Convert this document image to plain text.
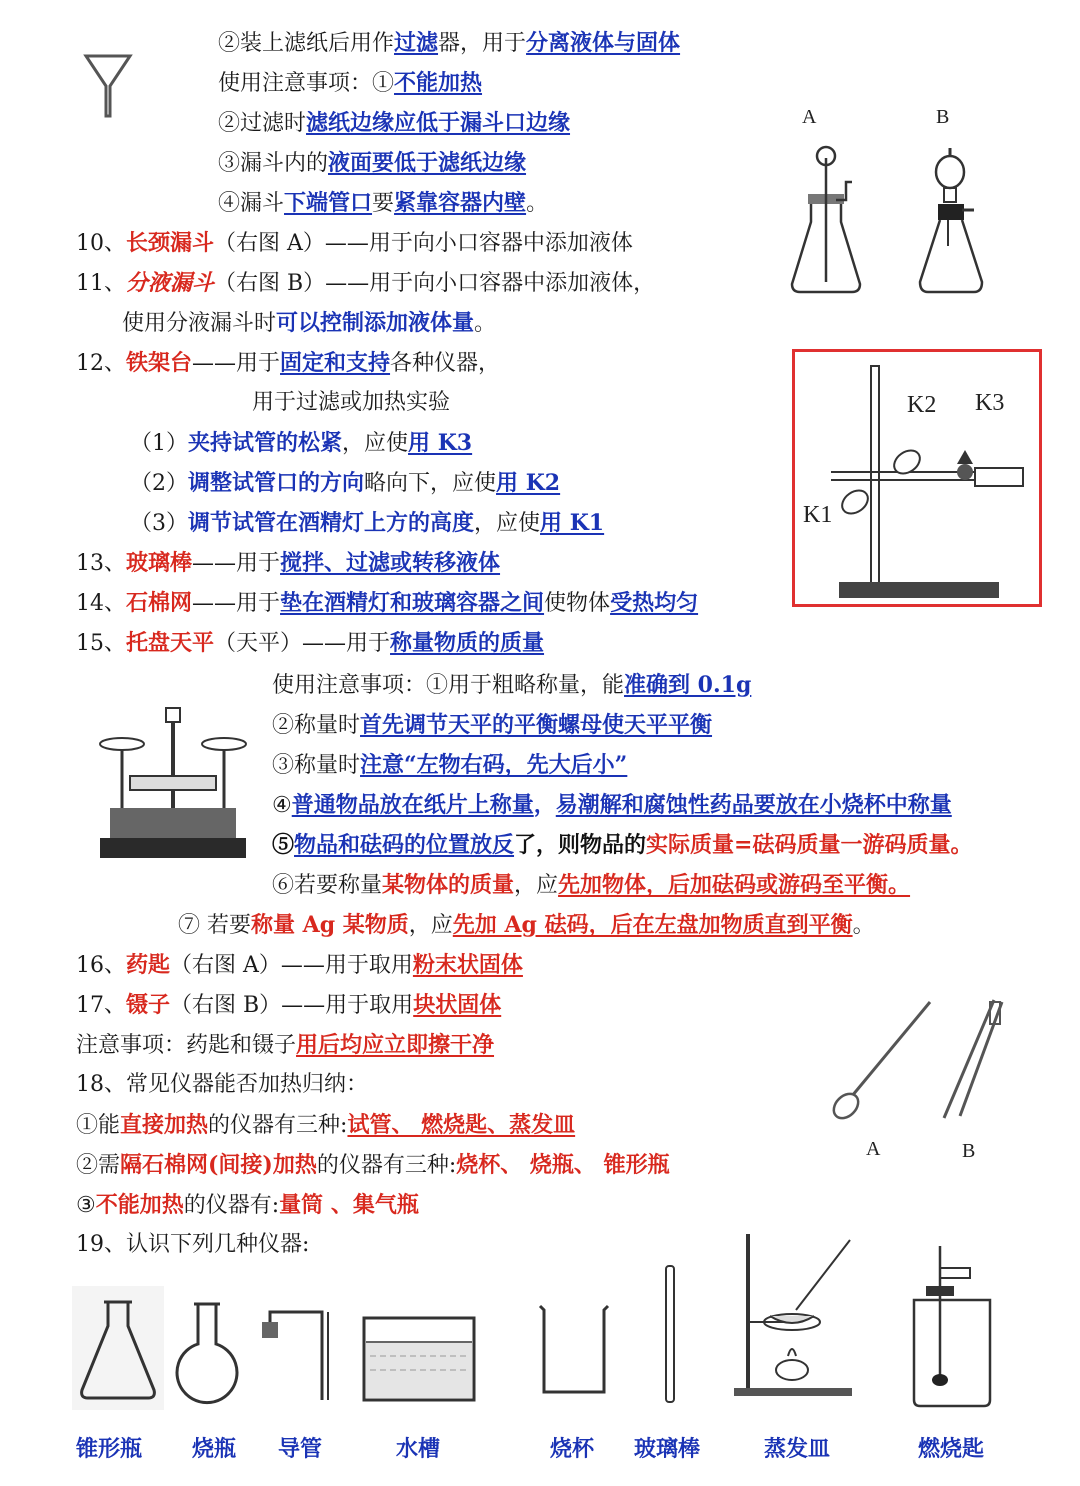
②装上滤纸后用作过滤器，用于分离液体与固体
使用注意事项：①不能加热
②过滤时滤纸边缘应低于漏斗口边缘
③漏斗内的液面要低于滤纸边缘
④漏斗下端管口要紧靠容器内壁。
A	B
10、长颈漏斗（右图 A）——用于向小口容器中添加液体
11、分液漏斗（右图 B）——用于向小口容器中添加液体，
使用分液漏斗时可以控制添加液体量。
12、铁架台——用于固定和支持各种仪器，
用于过滤或加热实验
（1）夹持试管的松紧，应使用 K3
（2）调整试管口的方向略向下，应使用 K2
（3）调节试管在酒精灯上方的高度，应使用 K1
K2 K3
K1
13、玻璃棒——用于搅拌、过滤或转移液体
14、石棉网——用于垫在酒精灯和玻璃容器之间使物体受热均匀
15、托盘天平（天平）——用于称量物质的质量
使用注意事项：①用于粗略称量，能准确到 0.1g
②称量时首先调节天平的平衡螺母使天平平衡
③称量时注意“左物右码，先大后小”
④普通物品放在纸片上称量，易潮解和腐蚀性药品要放在小烧杯中称量
⑤物品和砝码的位置放反了，则物品的实际质量=砝码质量一游码质量。
⑥若要称量某物体的质量，应先加物体，后加砝码或游码至平衡。
⑦ 若要称量 Ag 某物质，应先加 Ag 砝码，后在左盘加物质直到平衡。
16、药匙（右图 A）——用于取用粉末状固体
17、镊子（右图 B）——用于取用块状固体
注意事项：药匙和镊子用后均应立即擦干净
A	B
18、常见仪器能否加热归纳：
①能直接加热的仪器有三种:试管、 燃烧匙、蒸发皿
②需隔石棉网(间接)加热的仪器有三种:烧杯、 烧瓶、 锥形瓶
③不能加热的仪器有:量筒 、集气瓶
19、认识下列几种仪器:
锥形瓶 烧瓶 导管	水槽	烧杯 玻璃棒	蒸发皿	燃烧匙
